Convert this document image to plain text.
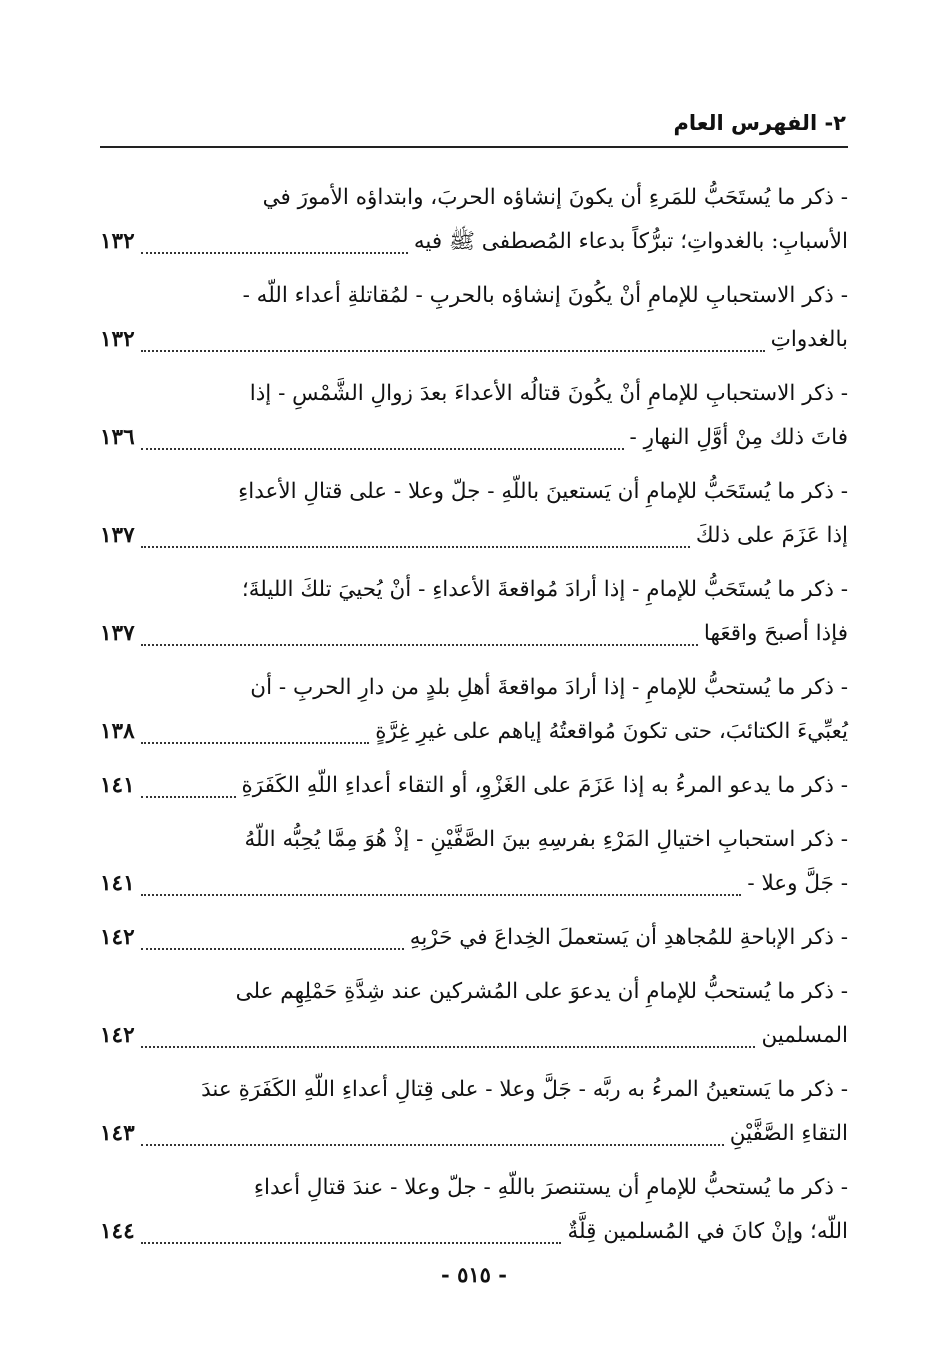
٢- الفهرس العام
- ذكر ما يُستَحَبُّ للمَرءِ أن يكونَ إنشاؤه الحربَ، وابتداؤه الأمورَ في
الأسبابِ: بالغدواتِ؛ تبرُّكاً بدعاء المُصطفى ﷺ فيه
١٣٢
- ذكر الاستحبابِ للإمامِ أنْ يكُونَ إنشاؤه بالحربِ - لمُقاتلةِ أعداء اللّه -
بالغدواتِ
١٣٢
- ذكر الاستحبابِ للإمامِ أنْ يكُونَ قتالُه الأعداءَ بعدَ زوالِ الشَّمْسِ - إذا
فاتَ ذلك مِنْ أوَّلِ النهارِ -
١٣٦
- ذكر ما يُستَحَبُّ للإمامِ أن يَستعينَ باللّهِ - جلّ وعلا - على قتالِ الأعداءِ
إذا عَزَمَ على ذلكَ
١٣٧
- ذكر ما يُستَحَبُّ للإمامِ - إذا أرادَ مُواقعةَ الأعداءِ - أنْ يُحييَ تلكَ الليلةَ؛
فإذا أصبحَ واقعَها
١٣٧
- ذكر ما يُستحبُّ للإمامِ - إذا أرادَ مواقعةَ أهلِ بلدٍ من دارِ الحربِ - أن
يُعبِّيءَ الكتائبَ، حتى تكونَ مُواقعتُهُ إياهم على غيرِ غِرَّةٍ
١٣٨
- ذكر ما يدعو المرءُ به إذا عَزَمَ على الغَزْوِ، أو التقاء أعداءِ اللّهِ الكَفَرَةِ
١٤١
- ذكر استحبابِ اختيالِ المَرْءِ بفرسِهِ بينَ الصَّفَّيْنِ - إذْ هُوَ مِمَّا يُحِبُّه اللّهُ
- جَلَّ وعلا -
١٤١
- ذكر الإباحةِ للمُجاهدِ أن يَستعملَ الخِداعَ في حَرْبِهِ
١٤٢
- ذكر ما يُستحبُّ للإمامِ أن يدعوَ على المُشركين عند شِدَّةِ حَمْلِهِم على
المسلمين
١٤٢
- ذكر ما يَستعينُ المرءُ به ربَّه - جَلَّ وعلا - على قِتالِ أعداءِ اللّهِ الكَفَرَةِ عندَ
التقاءِ الصَّفَّيْنِ
١٤٣
- ذكر ما يُستحبُّ للإمامِ أن يستنصرَ باللّهِ - جلّ وعلا - عندَ قتالِ أعداءِ
اللّه؛ وإنْ كانَ في المُسلمين قِلَّةٌ
١٤٤
- ٥١٥ -
